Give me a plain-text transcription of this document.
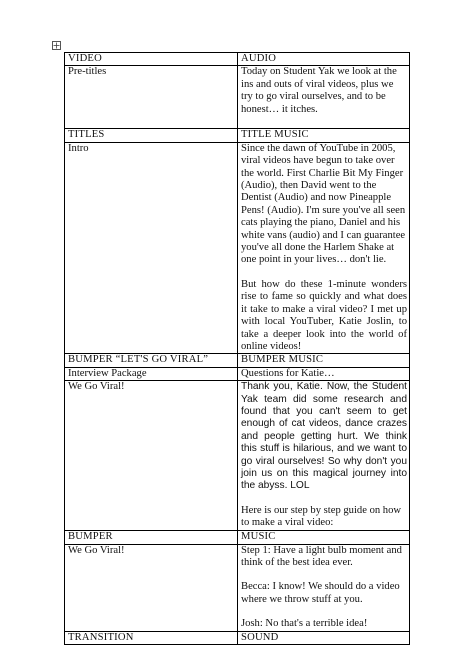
VIDEO	AUDIO
Pre-titles	Today on Student Yak we look at the ins and outs of viral videos, plus we try to go viral ourselves, and to be honest… it itches.

TITLES	TITLE MUSIC
Intro	Since the dawn of YouTube in 2005, viral videos have begun to take over the world. First Charlie Bit My Finger (Audio), then David went to the Dentist (Audio) and now Pineapple Pens! (Audio). I'm sure you've all seen cats playing the piano, Daniel and his white vans (audio) and I can guarantee you've all done the Harlem Shake at one point in your lives… don't lie.

But how do these 1-minute wonders rise to fame so quickly and what does it take to make a viral video? I met up with local YouTuber, Katie Joslin, to take a deeper look into the world of online videos!

BUMPER “LET'S GO VIRAL”	BUMPER MUSIC
Interview Package	Questions for Katie…
We Go Viral!	Thank you, Katie. Now, the Student Yak team did some research and found that you can't seem to get enough of cat videos, dance crazes and people getting hurt. We think this stuff is hilarious, and we want to go viral ourselves! So why don't you join us on this magical journey into the abyss. LOL

Here is our step by step guide on how to make a viral video:

BUMPER	MUSIC
We Go Viral!	Step 1: Have a light bulb moment and think of the best idea ever.

Becca: I know! We should do a video where we throw stuff at you.

Josh: No that's a terrible idea!

TRANSITION	SOUND
